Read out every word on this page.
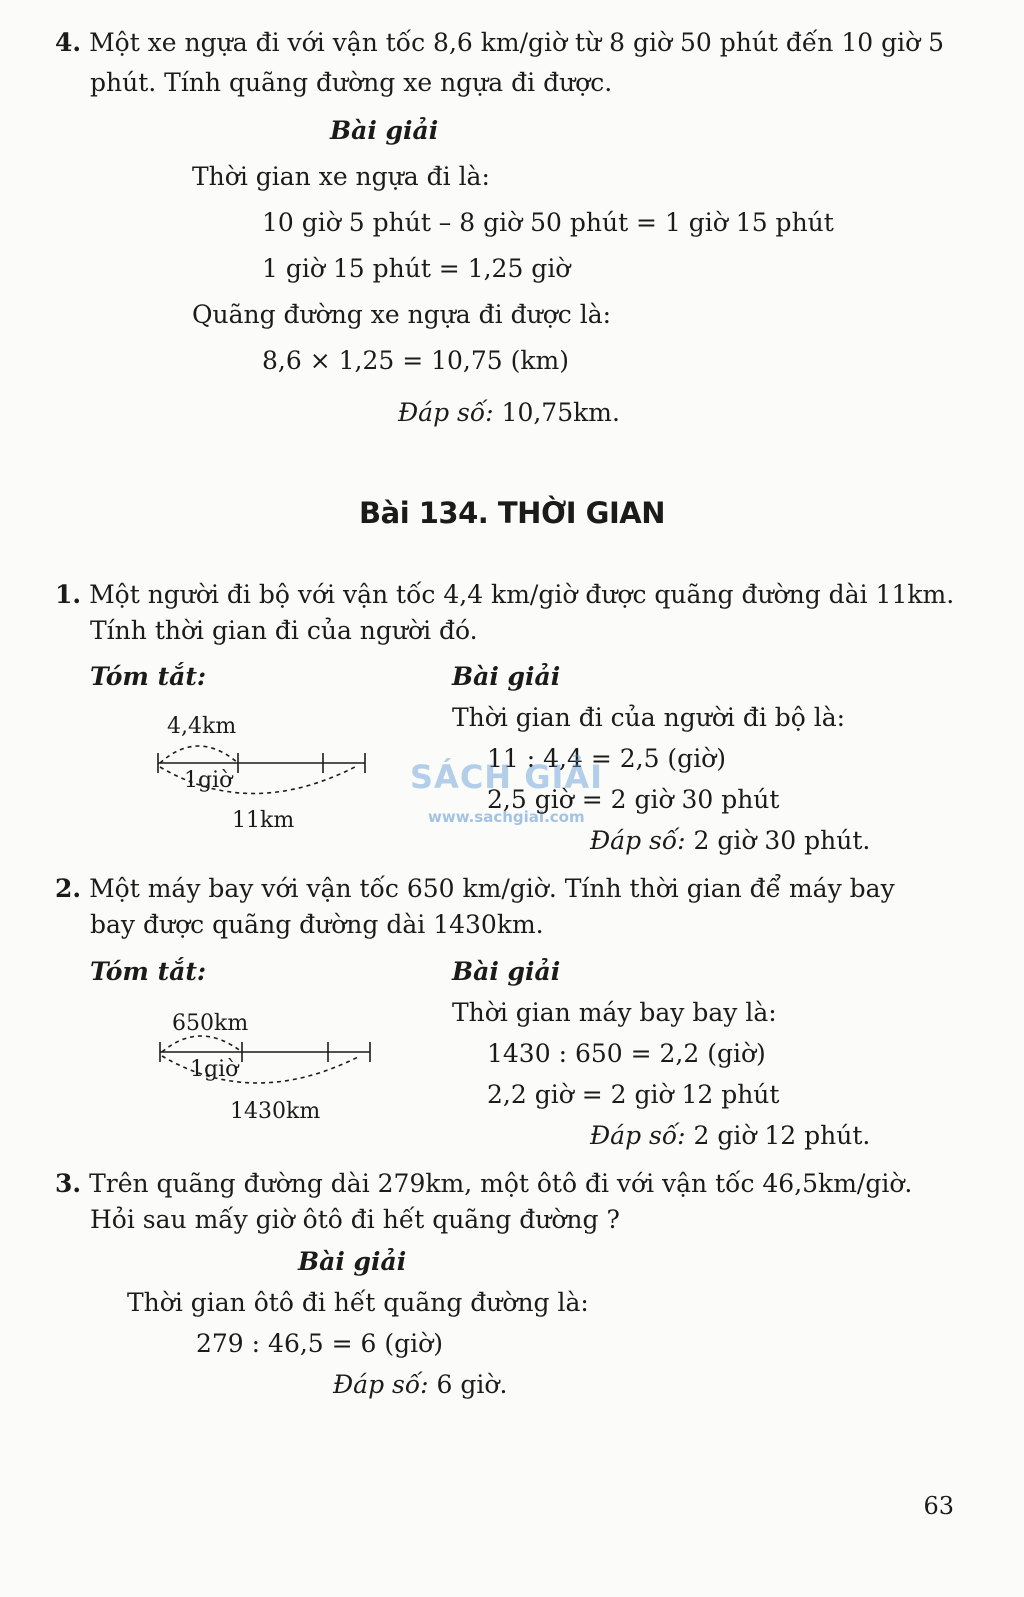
4. Một xe ngựa đi với vận tốc 8,6 km/giờ từ 8 giờ 50 phút đến 10 giờ 5
phút. Tính quãng đường xe ngựa đi được.
Bài giải
Thời gian xe ngựa đi là:
10 giờ 5 phút – 8 giờ 50 phút = 1 giờ 15 phút
1 giờ 15 phút = 1,25 giờ
Quãng đường xe ngựa đi được là:
8,6 × 1,25 = 10,75 (km)
Đáp số: 10,75km.
Bài 134. THỜI GIAN
1. Một người đi bộ với vận tốc 4,4 km/giờ được quãng đường dài 11km.
Tính thời gian đi của người đó.
Tóm tắt:	Bài giải
4,4km
1giờ
11km
Thời gian đi của người đi bộ là:
11 : 4,4 = 2,5 (giờ)
2,5 giờ = 2 giờ 30 phút
Đáp số: 2 giờ 30 phút.
SÁCH GIẢI
www.sachgiai.com
2. Một máy bay với vận tốc 650 km/giờ. Tính thời gian để máy bay
bay được quãng đường dài 1430km.
Tóm tắt:	Bài giải
650km
1giờ
1430km
Thời gian máy bay bay là:
1430 : 650 = 2,2 (giờ)
2,2 giờ = 2 giờ 12 phút
Đáp số: 2 giờ 12 phút.
3. Trên quãng đường dài 279km, một ôtô đi với vận tốc 46,5km/giờ.
Hỏi sau mấy giờ ôtô đi hết quãng đường ?
Bài giải
Thời gian ôtô đi hết quãng đường là:
279 : 46,5 = 6 (giờ)
Đáp số: 6 giờ.
63
